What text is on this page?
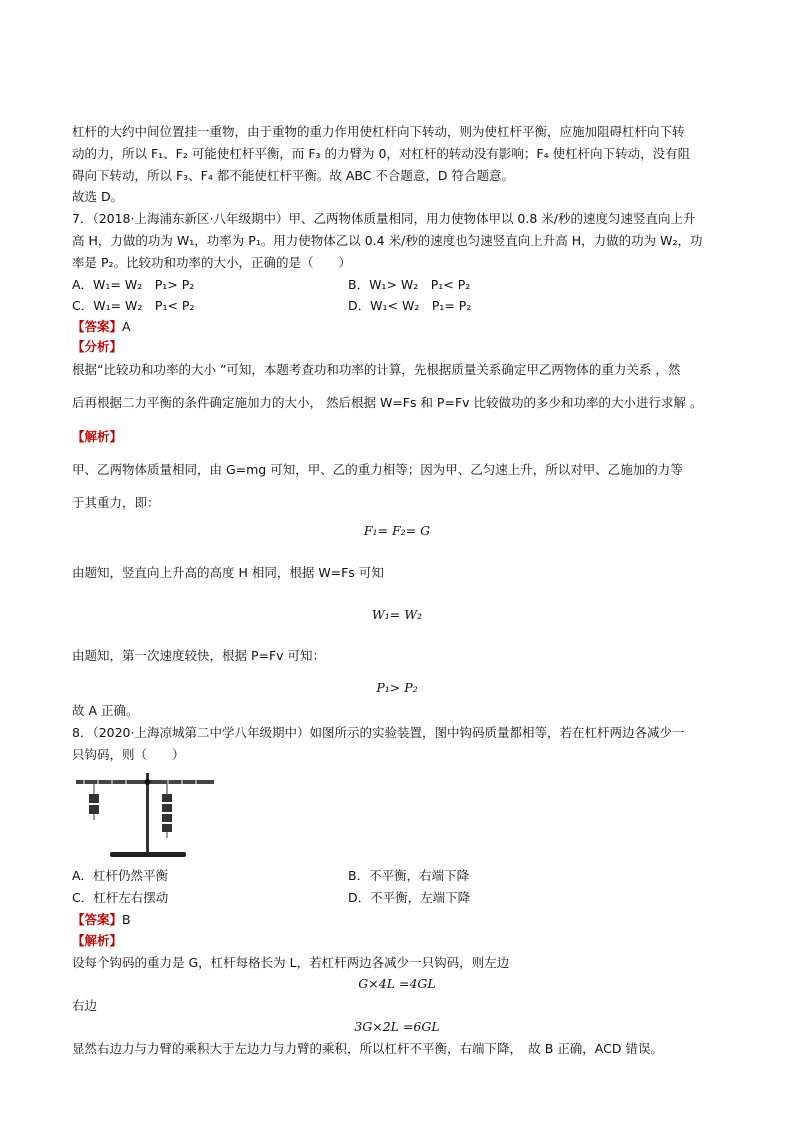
杠杆的大约中间位置挂一重物，由于重物的重力作用使杠杆向下转动，则为使杠杆平衡，应施加阻碍杠杆向下转
动的力，所以 F₁、F₂ 可能使杠杆平衡，而 F₃ 的力臂为 0，对杠杆的转动没有影响；F₄ 使杠杆向下转动，没有阻
碍向下转动，所以 F₃、F₄ 都不能使杠杆平衡。故 ABC 不合题意，D 符合题意。
故选 D。
7．（2018·上海浦东新区·八年级期中）甲、乙两物体质量相同，用力使物体甲以 0.8 米/秒的速度匀速竖直向上升
高 H，力做的功为 W₁，功率为 P₁。用力使物体乙以 0.4 米/秒的速度也匀速竖直向上升高 H，力做的功为 W₂，功
率是 P₂。比较功和功率的大小，正确的是（　　）
A．W₁= W₂　P₁> P₂	B．W₁> W₂　P₁< P₂
C．W₁= W₂　P₁< P₂	D．W₁< W₂　P₁= P₂
【答案】A
【分析】
根据“比较功和功率的大小 ”可知，本题考查功和功率的计算，先根据质量关系确定甲乙两物体的重力关系 ，然
后再根据二力平衡的条件确定施加力的大小， 然后根据 W=Fs 和 P=Fv 比较做功的多少和功率的大小进行求解 。
【解析】
甲、乙两物体质量相同，由 G=mg 可知，甲、乙的重力相等；因为甲、乙匀速上升，所以对甲、乙施加的力等
于其重力，即：
F₁= F₂= G
由题知，竖直向上升高的高度 H 相同，根据 W=Fs 可知
W₁= W₂
由题知，第一次速度较快，根据 P=Fv 可知：
P₁> P₂
故 A 正确。
8．（2020·上海凉城第二中学八年级期中）如图所示的实验装置，图中钩码质量都相等，若在杠杆两边各减少一
只钩码，则（　　）
A．杠杆仍然平衡	B．不平衡，右端下降
C．杠杆左右摆动	D．不平衡，左端下降
【答案】B
【解析】
设每个钩码的重力是 G，杠杆每格长为 L，若杠杆两边各减少一只钩码，则左边
G×4L =4GL
右边
3G×2L =6GL
显然右边力与力臂的乘积大于左边力与力臂的乘积，所以杠杆不平衡，右端下降，　故 B 正确，ACD 错误。
